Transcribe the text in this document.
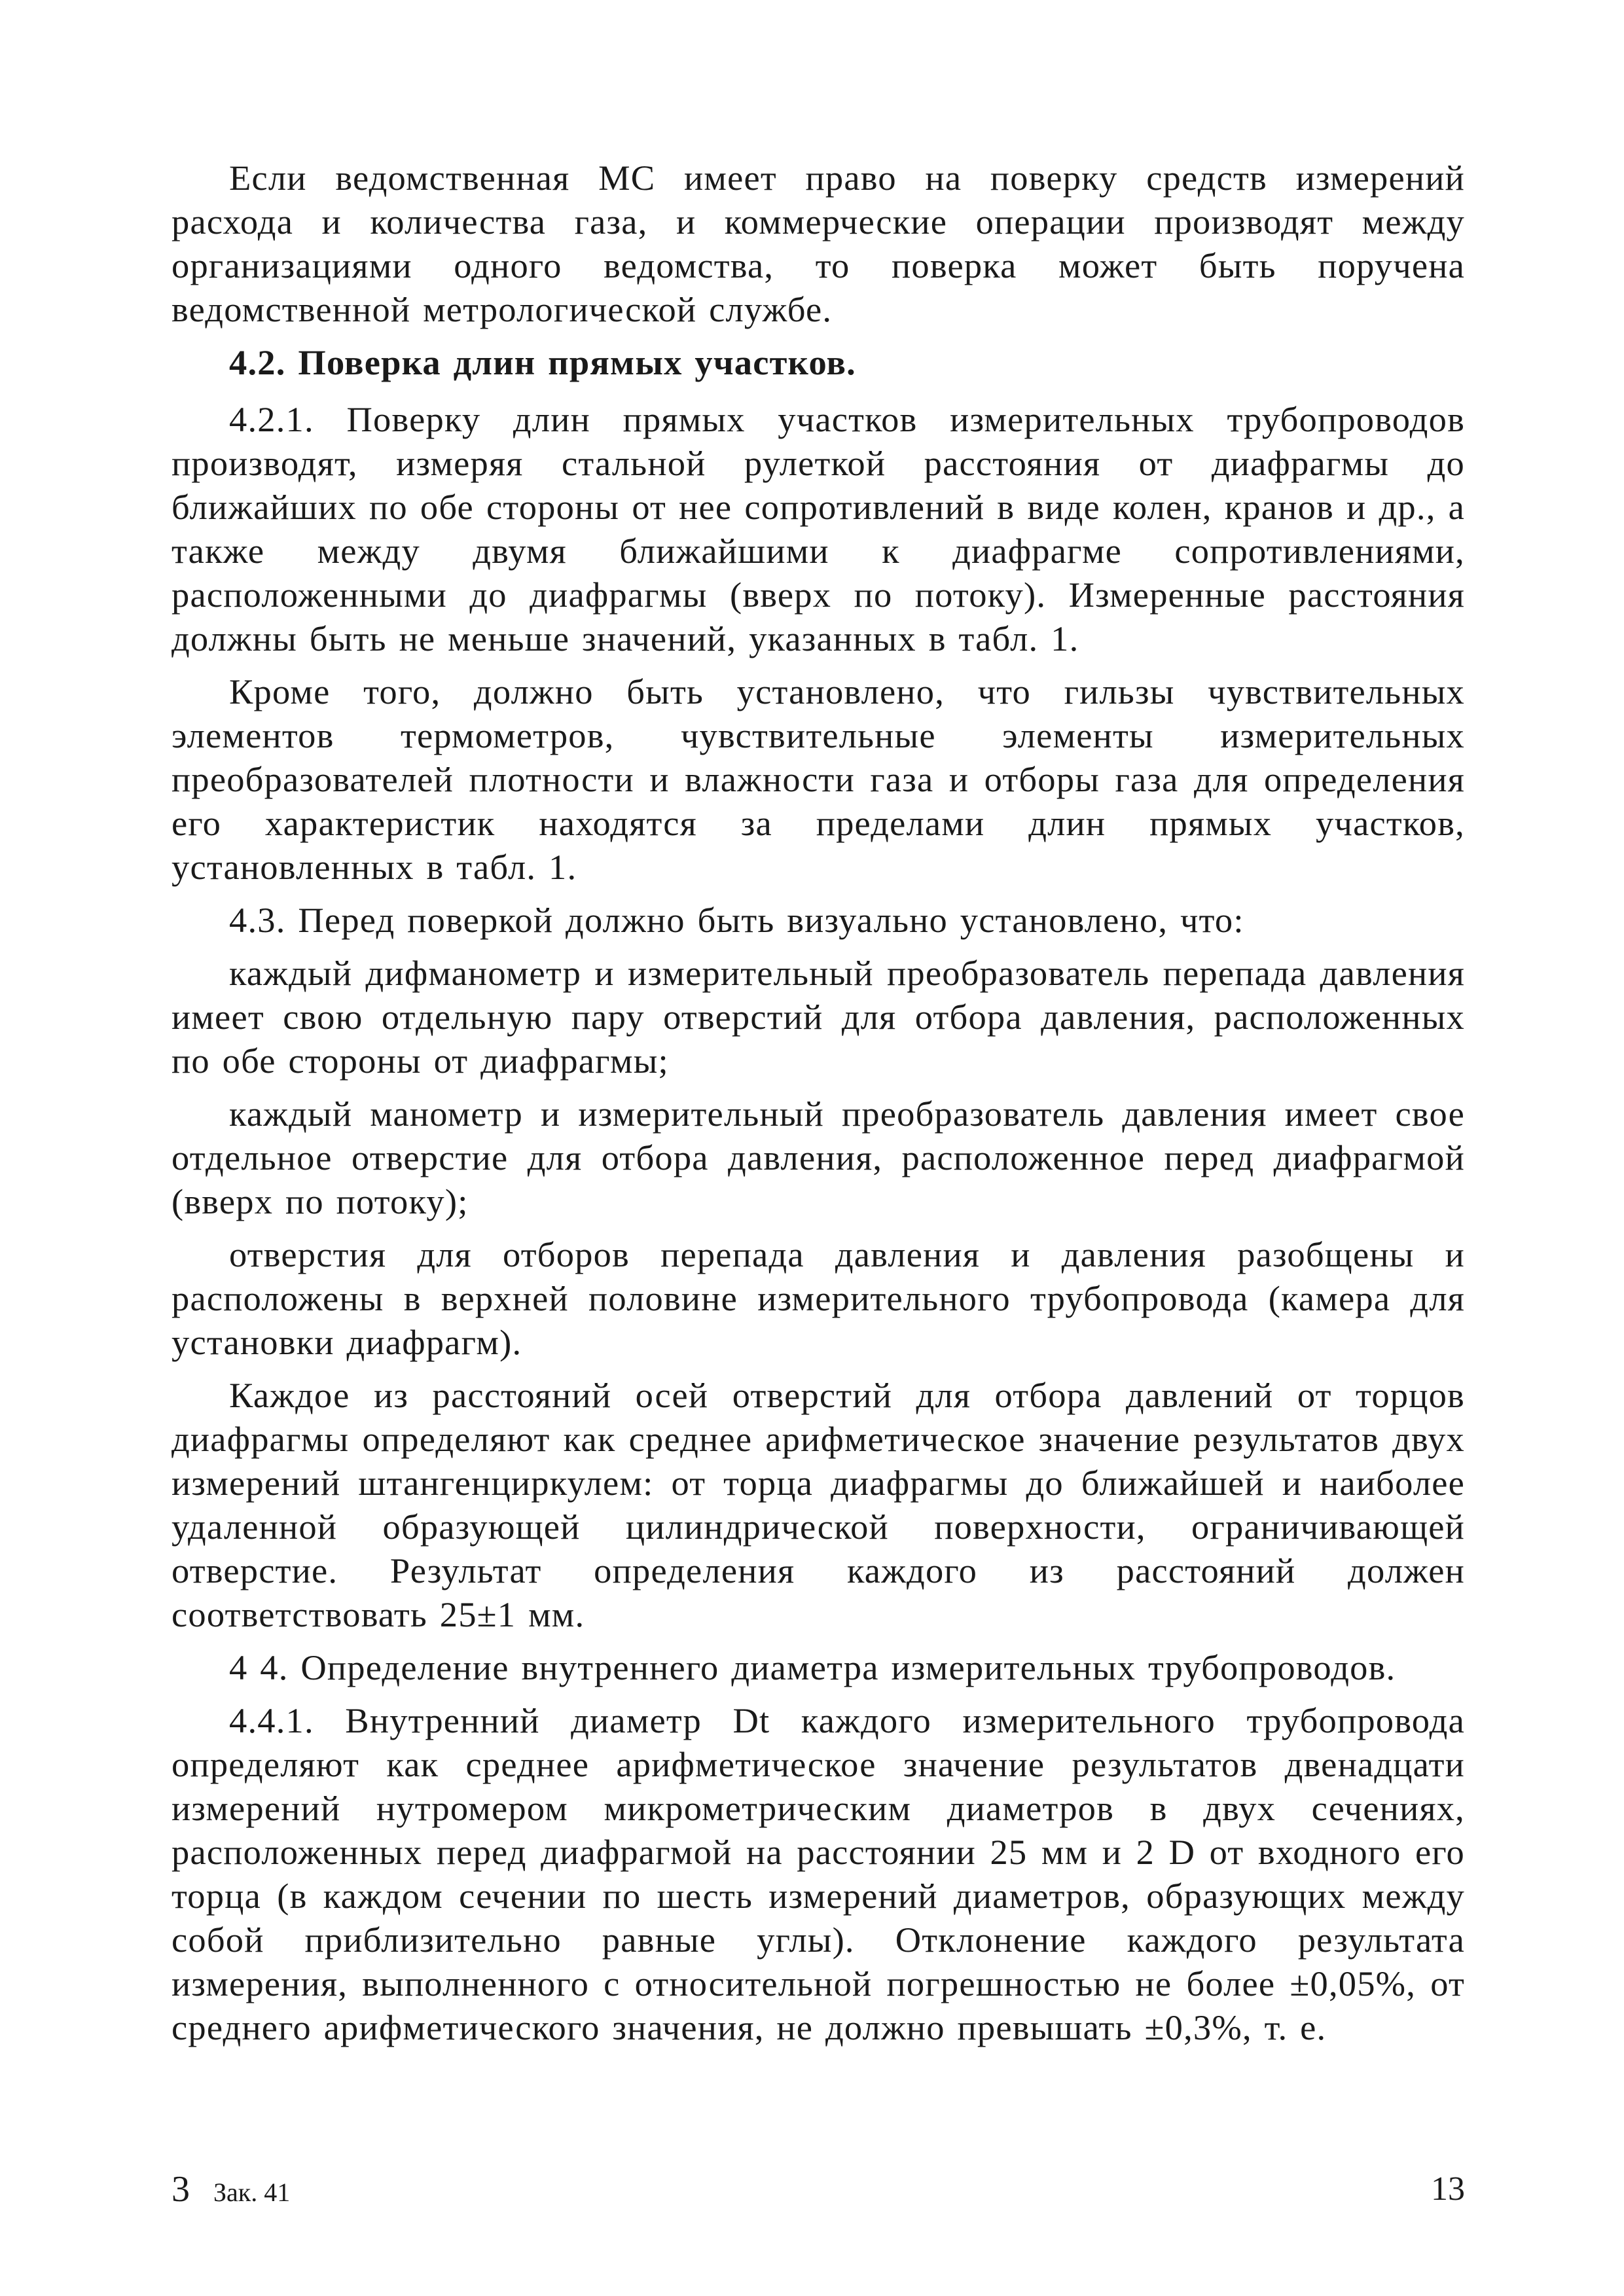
Если ведомственная МС имеет право на поверку средств измерений расхода и количества газа, и коммерческие операции производят между организациями одного ведомства, то поверка может быть поручена ведомственной метрологической службе.

4.2. Поверка длин прямых участков.

4.2.1. Поверку длин прямых участков измерительных трубопроводов производят, измеряя стальной рулеткой расстояния от диафрагмы до ближайших по обе стороны от нее сопротивлений в виде колен, кранов и др., а также между двумя ближайшими к диафрагме сопротивлениями, расположенными до диафрагмы (вверх по потоку). Измеренные расстояния должны быть не меньше значений, указанных в табл. 1.

Кроме того, должно быть установлено, что гильзы чувствительных элементов термометров, чувствительные элементы измерительных преобразователей плотности и влажности газа и отборы газа для определения его характеристик находятся за пределами длин прямых участков, установленных в табл. 1.

4.3. Перед поверкой должно быть визуально установлено, что:

каждый дифманометр и измерительный преобразователь перепада давления имеет свою отдельную пару отверстий для отбора давления, расположенных по обе стороны от диафрагмы;

каждый манометр и измерительный преобразователь давления имеет свое отдельное отверстие для отбора давления, расположенное перед диафрагмой (вверх по потоку);

отверстия для отборов перепада давления и давления разобщены и расположены в верхней половине измерительного трубопровода (камера для установки диафрагм).

Каждое из расстояний осей отверстий для отбора давлений от торцов диафрагмы определяют как среднее арифметическое значение результатов двух измерений штангенциркулем: от торца диафрагмы до ближайшей и наиболее удаленной образующей цилиндрической поверхности, ограничивающей отверстие. Результат определения каждого из расстояний должен соответствовать 25±1 мм.

4 4. Определение внутреннего диаметра измерительных трубопроводов.

4.4.1. Внутренний диаметр Dt каждого измерительного трубопровода определяют как среднее арифметическое значение результатов двенадцати измерений нутромером микрометрическим диаметров в двух сечениях, расположенных перед диафрагмой на расстоянии 25 мм и 2 D от входного его торца (в каждом сечении по шесть измерений диаметров, образующих между собой приблизительно равные углы). Отклонение каждого результата измерения, выполненного с относительной погрешностью не более ±0,05%, от среднего арифметического значения, не должно превышать ±0,3%, т. е.

3 Зак. 41	13
